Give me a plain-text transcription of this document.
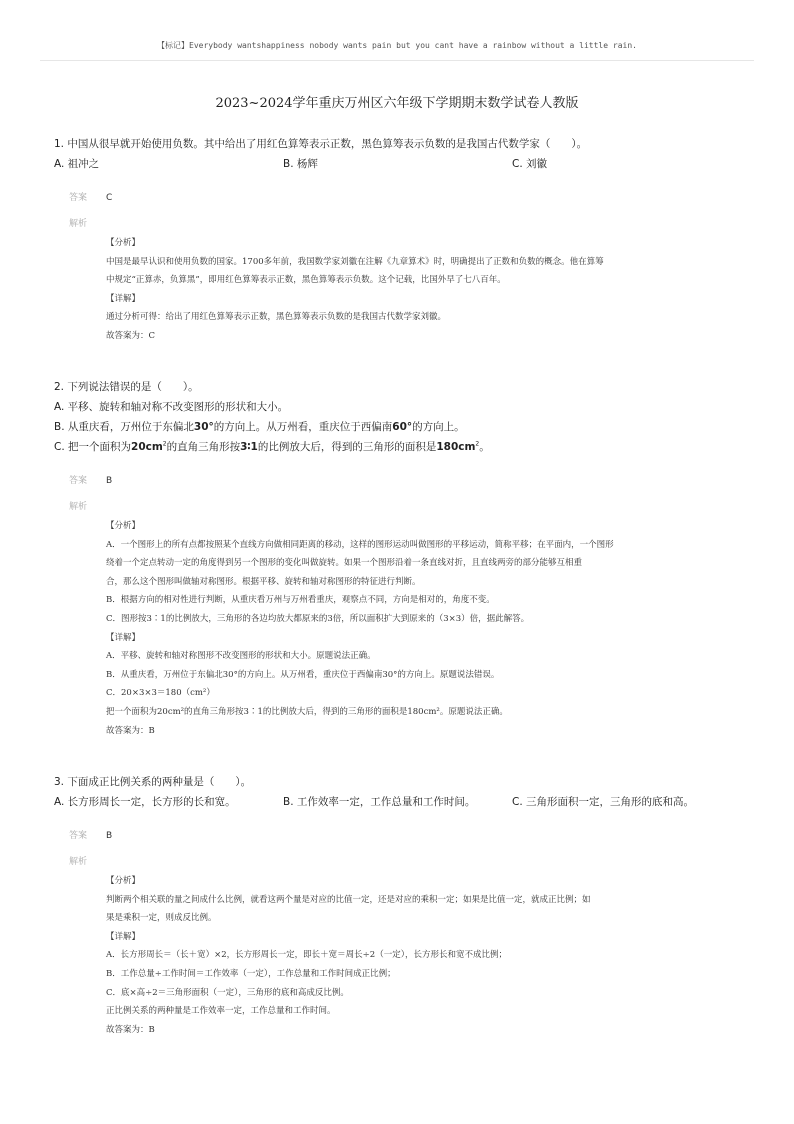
【标记】Everybody wantshappiness nobody wants pain but you cant have a rainbow without a little rain.
2023~2024学年重庆万州区六年级下学期期末数学试卷人教版

1. 中国从很早就开始使用负数。其中给出了用红色算筹表示正数，黑色算筹表示负数的是我国古代数学家（　　）。

A. 祖冲之	B. 杨辉	C. 刘徽
答案	C
解析

【分析】

中国是最早认识和使用负数的国家。1700多年前，我国数学家刘徽在注解《九章算术》时，明确提出了正数和负数的概念。他在算筹

中规定“正算赤，负算黑”，即用红色算筹表示正数，黑色算筹表示负数。这个记载，比国外早了七八百年。

【详解】

通过分析可得：给出了用红色算筹表示正数，黑色算筹表示负数的是我国古代数学家刘徽。

故答案为：C

2. 下列说法错误的是（　　）。

A. 平移、旋转和轴对称不改变图形的形状和大小。

B. 从重庆看，万州位于东偏北30°的方向上。从万州看，重庆位于西偏南60°的方向上。

C. 把一个面积为$20cm^2$的直角三角形按3∶1的比例放大后，得到的三角形的面积是$180cm^2$。

答案	B
解析

【分析】

A．一个图形上的所有点都按照某个直线方向做相同距离的移动，这样的图形运动叫做图形的平移运动，简称平移；在平面内，一个图形

绕着一个定点转动一定的角度得到另一个图形的变化叫做旋转。如果一个图形沿着一条直线对折，且直线两旁的部分能够互相重

合，那么这个图形叫做轴对称图形。根据平移、旋转和轴对称图形的特征进行判断。

B．根据方向的相对性进行判断，从重庆看万州与万州看重庆，观察点不同，方向是相对的，角度不变。

C．图形按3∶1的比例放大，三角形的各边均放大都原来的3倍，所以面积扩大到原来的（3×3）倍，据此解答。

【详解】

A．平移、旋转和轴对称图形不改变图形的形状和大小。原题说法正确。

B．从重庆看，万州位于东偏北30°的方向上。从万州看，重庆位于西偏南30°的方向上。原题说法错误。

C．20×3×3＝180（cm²）

把一个面积为20cm²的直角三角形按3∶1的比例放大后，得到的三角形的面积是180cm²。原题说法正确。

故答案为：B

3. 下面成正比例关系的两种量是（　　）。

A. 长方形周长一定，长方形的长和宽。	B. 工作效率一定，工作总量和工作时间。	C. 三角形面积一定，三角形的底和高。
答案	B
解析

【分析】

判断两个相关联的量之间成什么比例，就看这两个量是对应的比值一定，还是对应的乘积一定；如果是比值一定，就成正比例；如

果是乘积一定，则成反比例。

【详解】

A．长方形周长＝（长＋宽）×2，长方形周长一定，即长＋宽＝周长÷2（一定），长方形长和宽不成比例；

B．工作总量÷工作时间＝工作效率（一定），工作总量和工作时间成正比例；

C．底×高÷2＝三角形面积（一定），三角形的底和高成反比例。

正比例关系的两种量是工作效率一定，工作总量和工作时间。

故答案为：B
